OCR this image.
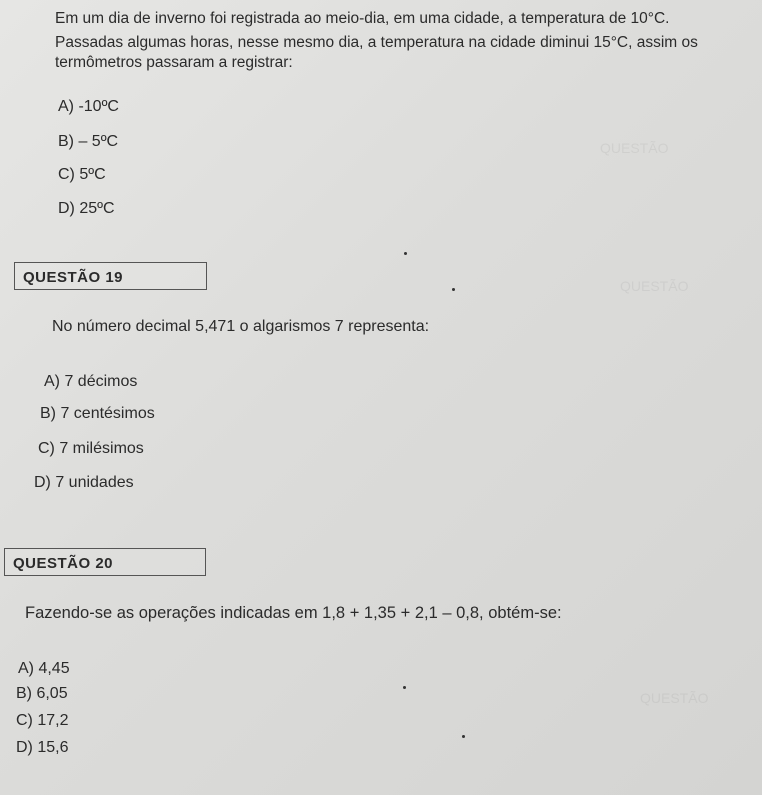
QUESTÃO
QUESTÃO
QUESTÃO
Em um dia de inverno foi registrada ao meio-dia, em uma cidade, a temperatura de 10°C.
Passadas algumas horas, nesse mesmo dia, a temperatura na cidade diminui 15°C, assim os
termômetros passaram a registrar:
A) -10ºC
B) – 5ºC
C) 5ºC
D) 25ºC
QUESTÃO 19
No número decimal 5,471 o algarismos 7 representa:
A) 7 décimos
B) 7 centésimos
C) 7 milésimos
D) 7 unidades
QUESTÃO 20
Fazendo-se as operações indicadas em 1,8 + 1,35 + 2,1 – 0,8, obtém-se:
A) 4,45
B) 6,05
C) 17,2
D) 15,6
